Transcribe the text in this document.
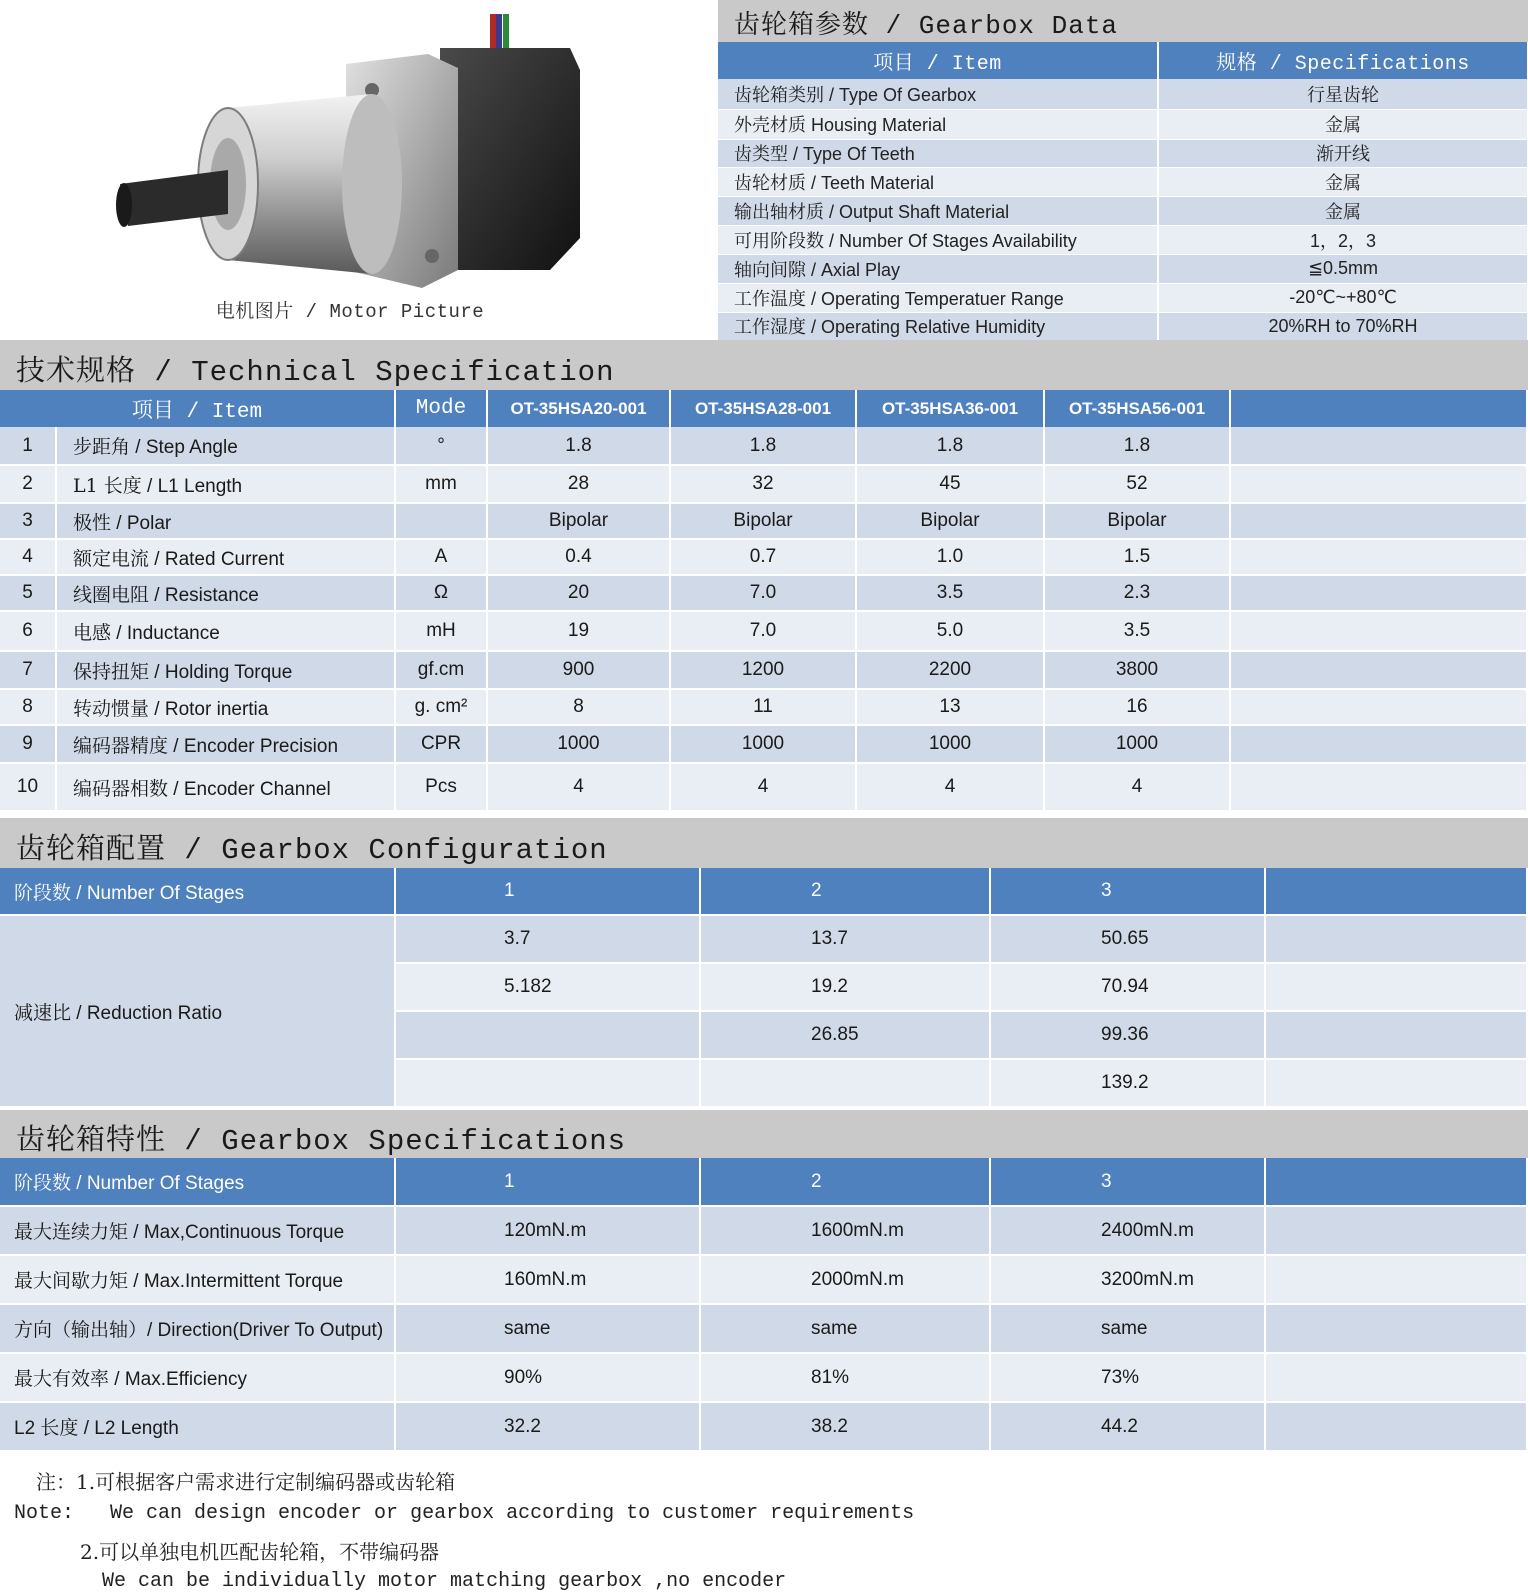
电机图片 / Motor Picture
齿轮箱参数 / Gearbox Data
项目 / Item	规格 / Specifications
齿轮箱类别 / Type Of Gearbox	行星齿轮
外壳材质 Housing Material	金属
齿类型 / Type Of Teeth	渐开线
齿轮材质 / Teeth Material	金属
输出轴材质 / Output Shaft Material	金属
可用阶段数 / Number Of Stages Availability	1，2，3
轴向间隙 / Axial Play	≦0.5mm
工作温度 / Operating Temperatuer Range	-20℃~+80℃
工作湿度 / Operating Relative Humidity	20%RH to 70%RH
技术规格 / Technical Specification
项目 / Item		Mode	OT-35HSA20-001	OT-35HSA28-001	OT-35HSA36-001	OT-35HSA56-001	
1	步距角 / Step Angle	°	1.8	1.8	1.8	1.8	
2	L1 长度 / L1 Length	mm	28	32	45	52	
3	极性 / Polar		Bipolar	Bipolar	Bipolar	Bipolar	
4	额定电流 / Rated Current	A	0.4	0.7	1.0	1.5	
5	线圈电阻 / Resistance	Ω	20	7.0	3.5	2.3	
6	电感 / Inductance	mH	19	7.0	5.0	3.5	
7	保持扭矩 / Holding Torque	gf.cm	900	1200	2200	3800	
8	转动惯量 / Rotor inertia	g. cm²	8	11	13	16	
9	编码器精度 / Encoder Precision	CPR	1000	1000	1000	1000	
10	编码器相数 / Encoder Channel	Pcs	4	4	4	4	
齿轮箱配置 / Gearbox Configuration
阶段数 / Number Of Stages	1	2	3	
减速比 / Reduction Ratio	3.7	13.7	50.65	
	5.182	19.2	70.94	
		26.85	99.36	
			139.2	
齿轮箱特性 / Gearbox Specifications
阶段数 / Number Of Stages	1	2	3	
最大连续力矩 / Max,Continuous Torque	120mN.m	1600mN.m	2400mN.m	
最大间歇力矩 / Max.Intermittent Torque	160mN.m	2000mN.m	3200mN.m	
方向（输出轴）/ Direction(Driver To Output)	same	same	same	
最大有效率 / Max.Efficiency	90%	81%	73%	
L2 长度 / L2 Length	32.2	38.2	44.2	
注：1.可根据客户需求进行定制编码器或齿轮箱
Note:   We can design encoder or gearbox according to customer requirements
2.可以单独电机匹配齿轮箱，不带编码器
We can be individually motor matching gearbox ,no encoder
